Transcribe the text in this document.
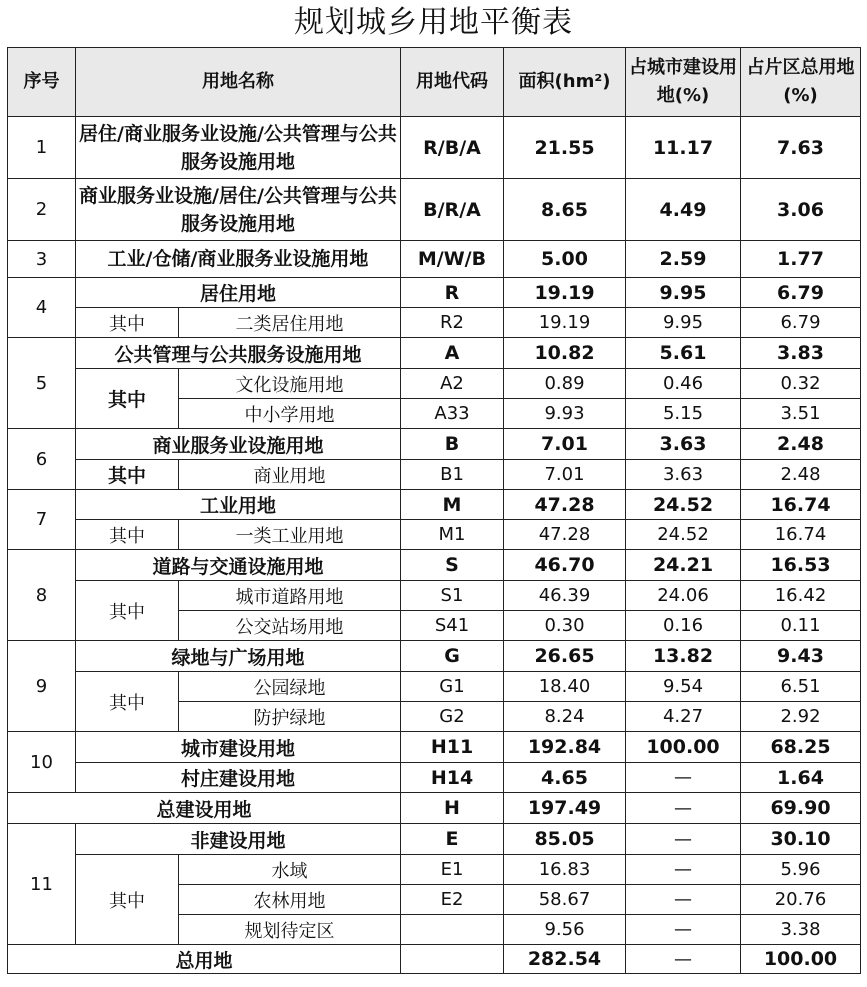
规划城乡用地平衡表
序号	用地名称		用地代码	面积(hm²)	占城市建设用地(%)	占片区总用地(%)
1	居住/商业服务业设施/公共管理与公共服务设施用地		R/B/A	21.55	11.17	7.63
2	商业服务业设施/居住/公共管理与公共服务设施用地		B/R/A	8.65	4.49	3.06
3	工业/仓储/商业服务业设施用地		M/W/B	5.00	2.59	1.77
4	居住用地		R	19.19	9.95	6.79
	其中	二类居住用地	R2	19.19	9.95	6.79
5	公共管理与公共服务设施用地		A	10.82	5.61	3.83
	其中	文化设施用地	A2	0.89	0.46	0.32
		中小学用地	A33	9.93	5.15	3.51
6	商业服务业设施用地		B	7.01	3.63	2.48
	其中	商业用地	B1	7.01	3.63	2.48
7	工业用地		M	47.28	24.52	16.74
	其中	一类工业用地	M1	47.28	24.52	16.74
8	道路与交通设施用地		S	46.70	24.21	16.53
	其中	城市道路用地	S1	46.39	24.06	16.42
		公交站场用地	S41	0.30	0.16	0.11
9	绿地与广场用地		G	26.65	13.82	9.43
	其中	公园绿地	G1	18.40	9.54	6.51
		防护绿地	G2	8.24	4.27	2.92
10	城市建设用地		H11	192.84	100.00	68.25
	村庄建设用地		H14	4.65	—	1.64
总建设用地			H	197.49	—	69.90
11	非建设用地		E	85.05	—	30.10
	其中	水域	E1	16.83	—	5.96
		农林用地	E2	58.67	—	20.76
		规划待定区		9.56	—	3.38
总用地				282.54	—	100.00
